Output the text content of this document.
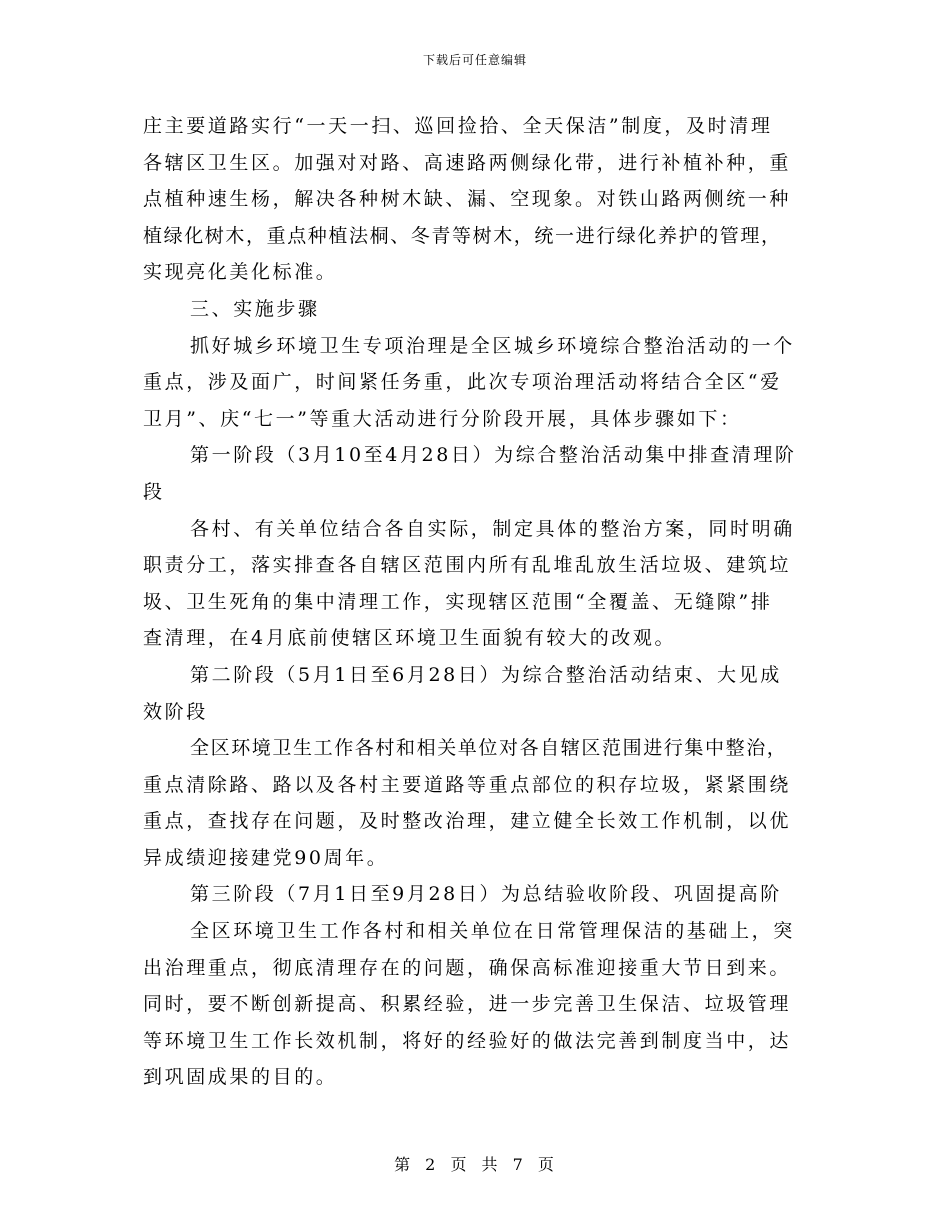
下载后可任意编辑
庄主要道路实行“一天一扫、巡回捡拾、全天保洁”制度，及时清理
各辖区卫生区。加强对对路、高速路两侧绿化带，进行补植补种，重
点植种速生杨，解决各种树木缺、漏、空现象。对铁山路两侧统一种
植绿化树木，重点种植法桐、冬青等树木，统一进行绿化养护的管理，
实现亮化美化标准。
三、实施步骤
抓好城乡环境卫生专项治理是全区城乡环境综合整治活动的一个
重点，涉及面广，时间紧任务重，此次专项治理活动将结合全区“爱
卫月”、庆“七一”等重大活动进行分阶段开展，具体步骤如下：
第一阶段（3月10至4月28日）为综合整治活动集中排查清理阶
段
各村、有关单位结合各自实际，制定具体的整治方案，同时明确
职责分工，落实排查各自辖区范围内所有乱堆乱放生活垃圾、建筑垃
圾、卫生死角的集中清理工作，实现辖区范围“全覆盖、无缝隙”排
查清理，在4月底前使辖区环境卫生面貌有较大的改观。
第二阶段（5月1日至6月28日）为综合整治活动结束、大见成
效阶段
全区环境卫生工作各村和相关单位对各自辖区范围进行集中整治，
重点清除路、路以及各村主要道路等重点部位的积存垃圾，紧紧围绕
重点，查找存在问题，及时整改治理，建立健全长效工作机制，以优
异成绩迎接建党90周年。
第三阶段（7月1日至9月28日）为总结验收阶段、巩固提高阶
全区环境卫生工作各村和相关单位在日常管理保洁的基础上，突
出治理重点，彻底清理存在的问题，确保高标准迎接重大节日到来。
同时，要不断创新提高、积累经验，进一步完善卫生保洁、垃圾管理
等环境卫生工作长效机制，将好的经验好的做法完善到制度当中，达
到巩固成果的目的。
第 2 页 共 7 页
